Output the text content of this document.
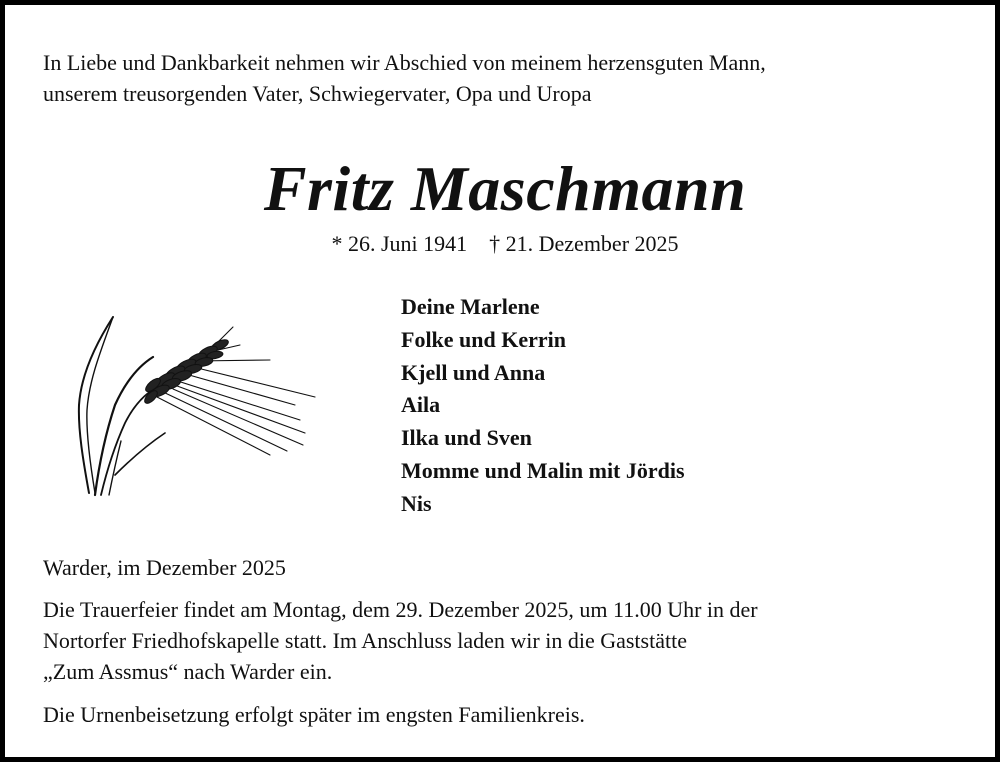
In Liebe und Dankbarkeit nehmen wir Abschied von meinem herzensguten Mann,
unserem treusorgenden Vater, Schwiegervater, Opa und Uropa

Fritz Maschmann
* 26. Juni 1941 † 21. Dezember 2025
Deine Marlene
Folke und Kerrin
Kjell und Anna
Aila
Ilka und Sven
Momme und Malin mit Jördis
Nis
Warder, im Dezember 2025

Die Trauerfeier findet am Montag, dem 29. Dezember 2025, um 11.00 Uhr in der
Nortorfer Friedhofskapelle statt. Im Anschluss laden wir in die Gaststätte
„Zum Assmus“ nach Warder ein.

Die Urnenbeisetzung erfolgt später im engsten Familienkreis.
